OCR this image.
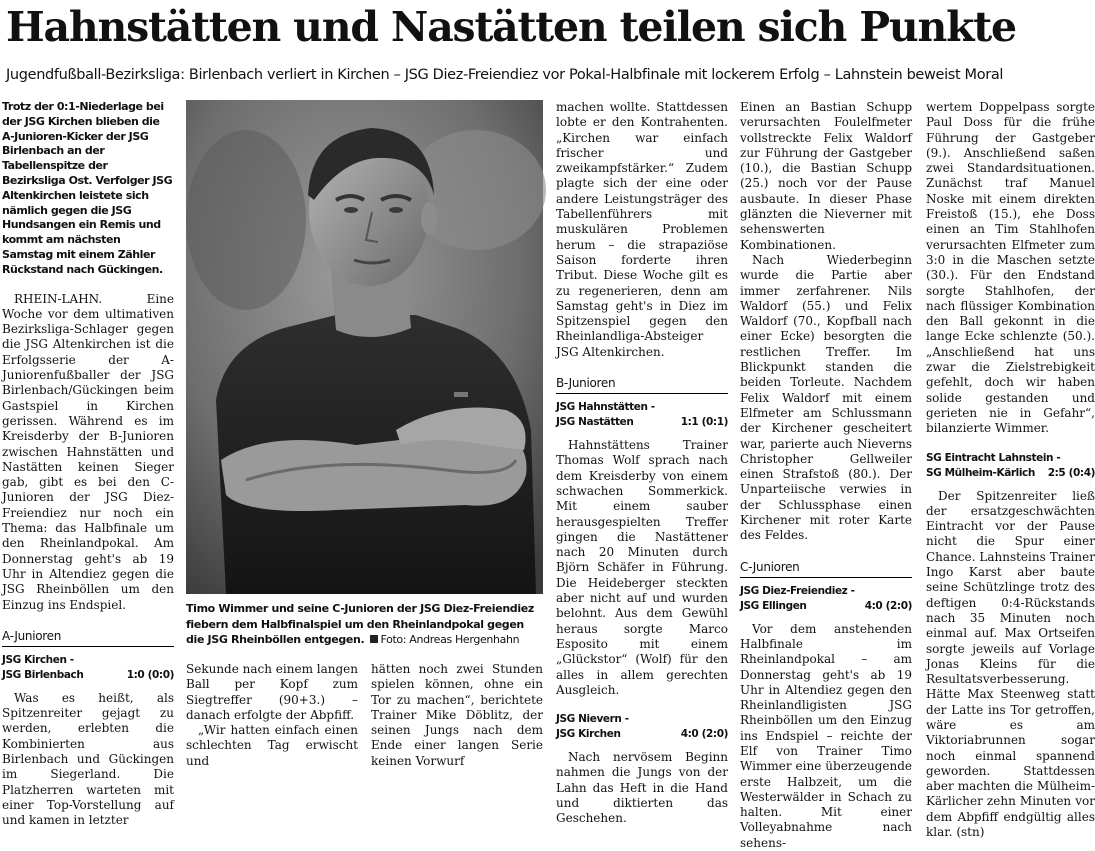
Hahnstätten und Nastätten teilen sich Punkte
Jugendfußball-Bezirksliga: Birlenbach verliert in Kirchen – JSG Diez-Freiendiez vor Pokal-Halbfinale mit lockerem Erfolg – Lahnstein beweist Moral
Trotz der 0:1-Niederlage bei der JSG Kirchen blieben die A-Junioren-Kicker der JSG Birlenbach an der Tabellenspitze der Bezirksliga Ost. Verfolger JSG Altenkirchen leistete sich nämlich gegen die JSG Hundsangen ein Remis und kommt am nächsten Samstag mit einem Zähler Rückstand nach Gückingen.

RHEIN-LAHN. Eine Woche vor dem ultimativen Bezirksliga-Schlager gegen die JSG Altenkirchen ist die Erfolgsserie der A-Juniorenfußballer der JSG Birlenbach/Gückingen beim Gastspiel in Kirchen gerissen. Während es im Kreisderby der B-Junioren zwischen Hahnstätten und Nastätten keinen Sieger gab, gibt es bei den C-Junioren der JSG Diez-Freiendiez nur noch ein Thema: das Halbfinale um den Rheinlandpokal. Am Donnerstag geht's ab 19 Uhr in Altendiez gegen die JSG Rheinböllen um den Einzug ins Endspiel.

A-Junioren
JSG Kirchen -
JSG Birlenbach	1:0 (0:0)

Was es heißt, als Spitzenreiter gejagt zu werden, erlebten die Kombinierten aus Birlenbach und Gückingen im Siegerland. Die Platzherren warteten mit einer Top-Vorstellung auf und kamen in letzter

Timo Wimmer und seine C-Junioren der JSG Diez-Freiendiez fiebern dem Halbfinalspiel um den Rheinlandpokal gegen die JSG Rheinböllen entgegen. Foto: Andreas Hergenhahn

Sekunde nach einem langen Ball per Kopf zum Siegtreffer (90+3.) – danach erfolgte der Abpfiff.

„Wir hatten einfach einen schlechten Tag erwischt und

hätten noch zwei Stunden spielen können, ohne ein Tor zu machen“, berichtete Trainer Mike Döblitz, der seinen Jungs nach dem Ende einer langen Serie keinen Vorwurf

machen wollte. Stattdessen lobte er den Kontrahenten. „Kirchen war einfach frischer und zweikampfstärker.“ Zudem plagte sich der eine oder andere Leistungsträger des Tabellenführers mit muskulären Problemen herum – die strapaziöse Saison forderte ihren Tribut. Diese Woche gilt es zu regenerieren, denn am Samstag geht's in Diez im Spitzenspiel gegen den Rheinlandliga-Absteiger JSG Altenkirchen.

B-Junioren
JSG Hahnstätten -
JSG Nastätten	1:1 (0:1)

Hahnstättens Trainer Thomas Wolf sprach nach dem Kreisderby von einem schwachen Sommerkick. Mit einem sauber herausgespielten Treffer gingen die Nastättener nach 20 Minuten durch Björn Schäfer in Führung. Die Heideberger steckten aber nicht auf und wurden belohnt. Aus dem Gewühl heraus sorgte Marco Esposito mit einem „Glückstor“ (Wolf) für den alles in allem gerechten Ausgleich.

JSG Nievern -
JSG Kirchen	4:0 (2:0)

Nach nervösem Beginn nahmen die Jungs von der Lahn das Heft in die Hand und diktierten das Geschehen.

Einen an Bastian Schupp verursachten Foulelfmeter vollstreckte Felix Waldorf zur Führung der Gastgeber (10.), die Bastian Schupp (25.) noch vor der Pause ausbaute. In dieser Phase glänzten die Nieverner mit sehenswerten Kombinationen.

Nach Wiederbeginn wurde die Partie aber immer zerfahrener. Nils Waldorf (55.) und Felix Waldorf (70., Kopfball nach einer Ecke) besorgten die restlichen Treffer. Im Blickpunkt standen die beiden Torleute. Nachdem Felix Waldorf mit einem Elfmeter am Schlussmann der Kirchener gescheitert war, parierte auch Nieverns Christopher Gellweiler einen Strafstoß (80.). Der Unparteiische verwies in der Schlussphase einen Kirchener mit roter Karte des Feldes.

C-Junioren
JSG Diez-Freiendiez -
JSG Ellingen	4:0 (2:0)

Vor dem anstehenden Halbfinale im Rheinlandpokal – am Donnerstag geht's ab 19 Uhr in Altendiez gegen den Rheinlandligisten JSG Rheinböllen um den Einzug ins Endspiel – reichte der Elf von Trainer Timo Wimmer eine überzeugende erste Halbzeit, um die Westerwälder in Schach zu halten. Mit einer Volleyabnahme nach sehens-

wertem Doppelpass sorgte Paul Doss für die frühe Führung der Gastgeber (9.). Anschließend saßen zwei Standardsituationen. Zunächst traf Manuel Noske mit einem direkten Freistoß (15.), ehe Doss einen an Tim Stahlhofen verursachten Elfmeter zum 3:0 in die Maschen setzte (30.). Für den Endstand sorgte Stahlhofen, der nach flüssiger Kombination den Ball gekonnt in die lange Ecke schlenzte (50.). „Anschließend hat uns zwar die Zielstrebigkeit gefehlt, doch wir haben solide gestanden und gerieten nie in Gefahr“, bilanzierte Wimmer.

SG Eintracht Lahnstein -
SG Mülheim-Kärlich 2:5 (0:4)

Der Spitzenreiter ließ der ersatzgeschwächten Eintracht vor der Pause nicht die Spur einer Chance. Lahnsteins Trainer Ingo Karst aber baute seine Schützlinge trotz des deftigen 0:4-Rückstands nach 35 Minuten noch einmal auf. Max Ortseifen sorgte jeweils auf Vorlage Jonas Kleins für die Resultatsverbesserung. Hätte Max Steenweg statt der Latte ins Tor getroffen, wäre es am Viktoriabrunnen sogar noch einmal spannend geworden. Stattdessen aber machten die Mülheim-Kärlicher zehn Minuten vor dem Abpfiff endgültig alles klar. (stn)
